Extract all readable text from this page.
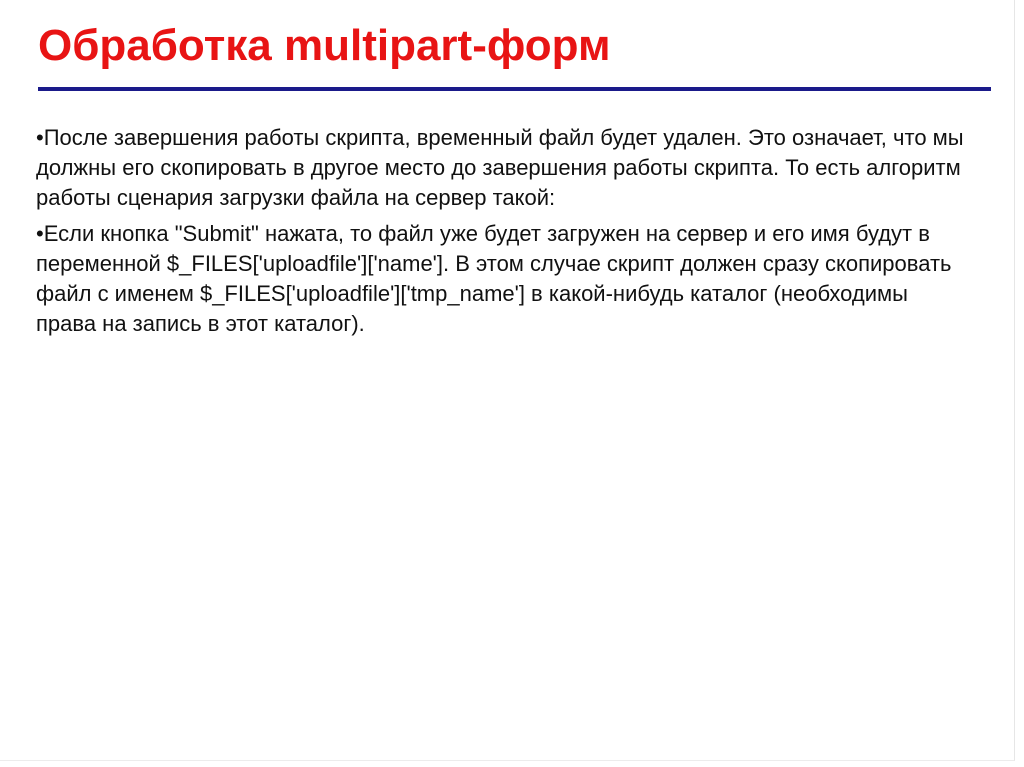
Обработка multipart-форм

•После завершения работы скрипта, временный файл будет удален. Это означает, что мы должны его скопировать в другое место до завершения работы скрипта. То есть алгоритм работы сценария загрузки файла на сервер такой:

•Если кнопка "Submit" нажата, то файл уже будет загружен на сервер и его имя будут в переменной $_FILES['uploadfile']['name']. В этом случае скрипт должен сразу скопировать файл с именем $_FILES['uploadfile']['tmp_name'] в какой-нибудь каталог (необходимы права на запись в этот каталог).
